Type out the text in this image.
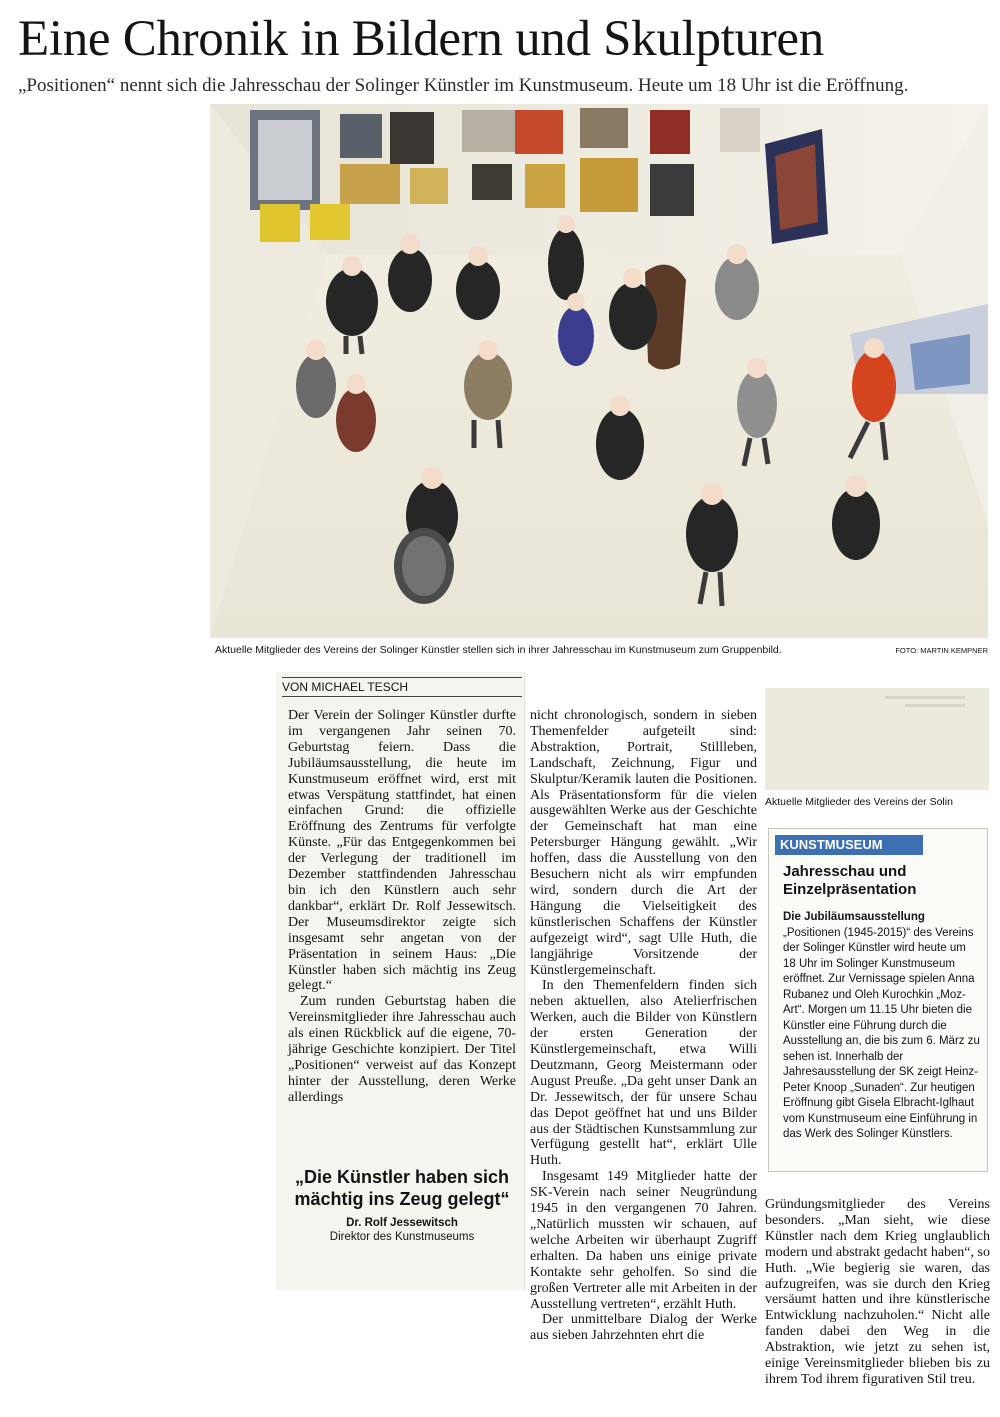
Eine Chronik in Bildern und Skulpturen
„Positionen“ nennt sich die Jahresschau der Solinger Künstler im Kunstmuseum. Heute um 18 Uhr ist die Eröffnung.
Aktuelle Mitglieder des Vereins der Solinger Künstler stellen sich in ihrer Jahresschau im Kunstmuseum zum Gruppenbild.	FOTO: MARTIN KEMPNER
VON MICHAEL TESCH

Der Verein der Solinger Künstler durfte im vergangenen Jahr seinen 70. Geburtstag feiern. Dass die Jubiläumsausstellung, die heute im Kunstmuseum eröffnet wird, erst mit etwas Verspätung stattfindet, hat einen einfachen Grund: die offizielle Eröffnung des Zentrums für verfolgte Künste. „Für das Entgegenkommen bei der Verlegung der traditionell im Dezember stattfindenden Jahresschau bin ich den Künstlern auch sehr dankbar“, erklärt Dr. Rolf Jessewitsch. Der Museumsdirektor zeigte sich insgesamt sehr angetan von der Präsentation in seinem Haus: „Die Künstler haben sich mächtig ins Zeug gelegt.“

Zum runden Geburtstag haben die Vereinsmitglieder ihre Jahresschau auch als einen Rückblick auf die eigene, 70-jährige Geschichte konzipiert. Der Titel „Positionen“ verweist auf das Konzept hinter der Ausstellung, deren Werke allerdings

„Die Künstler haben sich mächtig ins Zeug gelegt“
Dr. Rolf Jessewitsch
Direktor des Kunstmuseums

nicht chronologisch, sondern in sieben Themenfelder aufgeteilt sind: Abstraktion, Portrait, Stillleben, Landschaft, Zeichnung, Figur und Skulptur/Keramik lauten die Positionen. Als Präsentationsform für die vielen ausgewählten Werke aus der Geschichte der Gemeinschaft hat man eine Petersburger Hängung gewählt. „Wir hoffen, dass die Ausstellung von den Besuchern nicht als wirr empfunden wird, sondern durch die Art der Hängung die Vielseitigkeit des künstlerischen Schaffens der Künstler aufgezeigt wird“, sagt Ulle Huth, die langjährige Vorsitzende der Künstlergemeinschaft.

In den Themenfeldern finden sich neben aktuellen, also Atelierfrischen Werken, auch die Bilder von Künstlern der ersten Generation der Künstlergemeinschaft, etwa Willi Deutzmann, Georg Meistermann oder August Preuße. „Da geht unser Dank an Dr. Jessewitsch, der für unsere Schau das Depot geöffnet hat und uns Bilder aus der Städtischen Kunstsammlung zur Verfügung gestellt hat“, erklärt Ulle Huth.

Insgesamt 149 Mitglieder hatte der SK-Verein nach seiner Neugründung 1945 in den vergangenen 70 Jahren. „Natürlich mussten wir schauen, auf welche Arbeiten wir überhaupt Zugriff erhalten. Da haben uns einige private Kontakte sehr geholfen. So sind die großen Vertreter alle mit Arbeiten in der Ausstellung vertreten“, erzählt Huth.

Der unmittelbare Dialog der Werke aus sieben Jahrzehnten ehrt die

Aktuelle Mitglieder des Vereins der Solin
KUNSTMUSEUM
Jahresschau und Einzelpräsentation
Die Jubiläumsausstellung „Positionen (1945-2015)“ des Vereins der Solinger Künstler wird heute um 18 Uhr im Solinger Kunstmuseum eröffnet. Zur Vernissage spielen Anna Rubanez und Oleh Kurochkin „Moz-Art“. Morgen um 11.15 Uhr bieten die Künstler eine Führung durch die Ausstellung an, die bis zum 6. März zu sehen ist. Innerhalb der Jahresausstellung der SK zeigt Heinz-Peter Knoop „Sunaden“. Zur heutigen Eröffnung gibt Gisela Elbracht-Iglhaut vom Kunstmuseum eine Einführung in das Werk des Solinger Künstlers.

Gründungsmitglieder des Vereins besonders. „Man sieht, wie diese Künstler nach dem Krieg unglaublich modern und abstrakt gedacht haben“, so Huth. „Wie begierig sie waren, das aufzugreifen, was sie durch den Krieg versäumt hatten und ihre künstlerische Entwicklung nachzuholen.“ Nicht alle fanden dabei den Weg in die Abstraktion, wie jetzt zu sehen ist, einige Vereinsmitglieder blieben bis zu ihrem Tod ihrem figurativen Stil treu.
